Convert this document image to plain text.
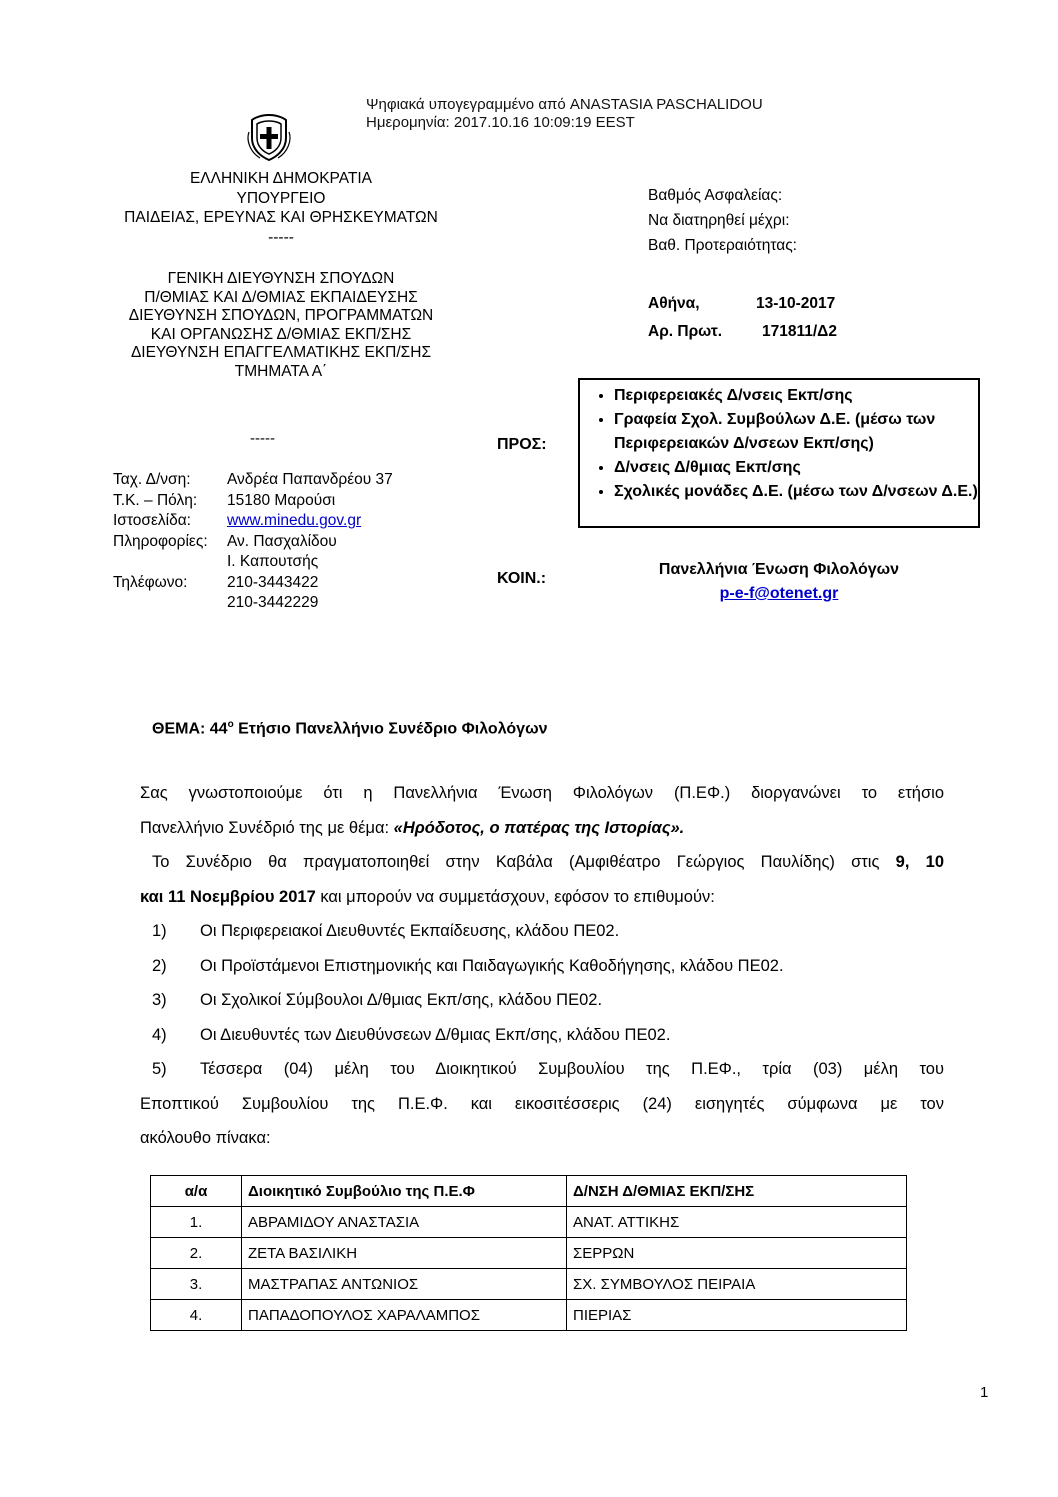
Ψηφιακά υπογεγραμμένο από ANASTASIA PASCHALIDOU
Ημερομηνία: 2017.10.16 10:09:19 EEST
ΕΛΛΗΝΙΚΗ ΔΗΜΟΚΡΑΤΙΑ
ΥΠΟΥΡΓΕΙΟ
ΠΑΙΔΕΙΑΣ, ΕΡΕΥΝΑΣ ΚΑΙ ΘΡΗΣΚΕΥΜΑΤΩΝ
-----
Βαθμός Ασφαλείας:
Να διατηρηθεί μέχρι:
Βαθ. Προτεραιότητας:
ΓΕΝΙΚΗ ΔΙΕΥΘΥΝΣΗ ΣΠΟΥΔΩΝ
Π/ΘΜΙΑΣ ΚΑΙ Δ/ΘΜΙΑΣ ΕΚΠΑΙΔΕΥΣΗΣ
ΔΙΕΥΘΥΝΣΗ ΣΠΟΥΔΩΝ, ΠΡΟΓΡΑΜΜΑΤΩΝ
ΚΑΙ ΟΡΓΑΝΩΣΗΣ Δ/ΘΜΙΑΣ ΕΚΠ/ΣΗΣ
ΔΙΕΥΘΥΝΣΗ ΕΠΑΓΓΕΛΜΑΤΙΚΗΣ ΕΚΠ/ΣΗΣ
ΤΜΗΜΑΤΑ Α΄
Αθήνα,	13-10-2017
Αρ. Πρωτ.	171811/Δ2
-----	ΠΡΟΣ:
• Περιφερειακές Δ/νσεις Εκπ/σης
• Γραφεία Σχολ. Συμβούλων Δ.Ε. (μέσω των Περιφερειακών Δ/νσεων Εκπ/σης)
• Δ/νσεις Δ/θμιας Εκπ/σης
• Σχολικές μονάδες Δ.Ε. (μέσω των Δ/νσεων Δ.Ε.)
Ταχ. Δ/νση:	Ανδρέα Παπανδρέου 37
Τ.Κ. – Πόλη:	15180 Μαρούσι
Ιστοσελίδα:	www.minedu.gov.gr
Πληροφορίες:	Αν. Πασχαλίδου
Ι. Καπουτσής
Τηλέφωνο:	210-3443422
210-3442229
ΚΟΙΝ.:
Πανελλήνια Ένωση Φιλολόγων
p-e-f@otenet.gr
ΘΕΜΑ: $44^o$ Ετήσιο Πανελλήνιο Συνέδριο Φιλολόγων

Σας γνωστοποιούμε ότι η Πανελλήνια Ένωση Φιλολόγων (Π.ΕΦ.) διοργανώνει το ετήσιο

Πανελλήνιο Συνέδριό της με θέμα: «Ηρόδοτος, ο πατέρας της Ιστορίας».

Το Συνέδριο θα πραγματοποιηθεί στην Καβάλα (Αμφιθέατρο Γεώργιος Παυλίδης) στις 9, 10

και 11 Νοεμβρίου 2017 και μπορούν να συμμετάσχουν, εφόσον το επιθυμούν:

1)	Οι Περιφερειακοί Διευθυντές Εκπαίδευσης, κλάδου ΠΕ02.
2)	Οι Προϊστάμενοι Επιστημονικής και Παιδαγωγικής Καθοδήγησης, κλάδου ΠΕ02.
3)	Οι Σχολικοί Σύμβουλοι Δ/θμιας Εκπ/σης, κλάδου ΠΕ02.
4)	Οι Διευθυντές των Διευθύνσεων Δ/θμιας Εκπ/σης, κλάδου ΠΕ02.

5) Τέσσερα (04) μέλη του Διοικητικού Συμβουλίου της Π.ΕΦ., τρία (03) μέλη του

Εποπτικού Συμβουλίου της Π.Ε.Φ. και εικοσιτέσσερις (24) εισηγητές σύμφωνα με τον

ακόλουθο πίνακα:

α/α	Διοικητικό Συμβούλιο της Π.Ε.Φ	Δ/ΝΣΗ Δ/ΘΜΙΑΣ ΕΚΠ/ΣΗΣ
1.	ΑΒΡΑΜΙΔΟΥ ΑΝΑΣΤΑΣΙΑ	ΑΝΑΤ. ΑΤΤΙΚΗΣ
2.	ΖΕΤΑ ΒΑΣΙΛΙΚΗ	ΣΕΡΡΩΝ
3.	ΜΑΣΤΡΑΠΑΣ ΑΝΤΩΝΙΟΣ	ΣΧ. ΣΥΜΒΟΥΛΟΣ ΠΕΙΡΑΙΑ
4.	ΠΑΠΑΔΟΠΟΥΛΟΣ ΧΑΡΑΛΑΜΠΟΣ	ΠΙΕΡΙΑΣ
1
